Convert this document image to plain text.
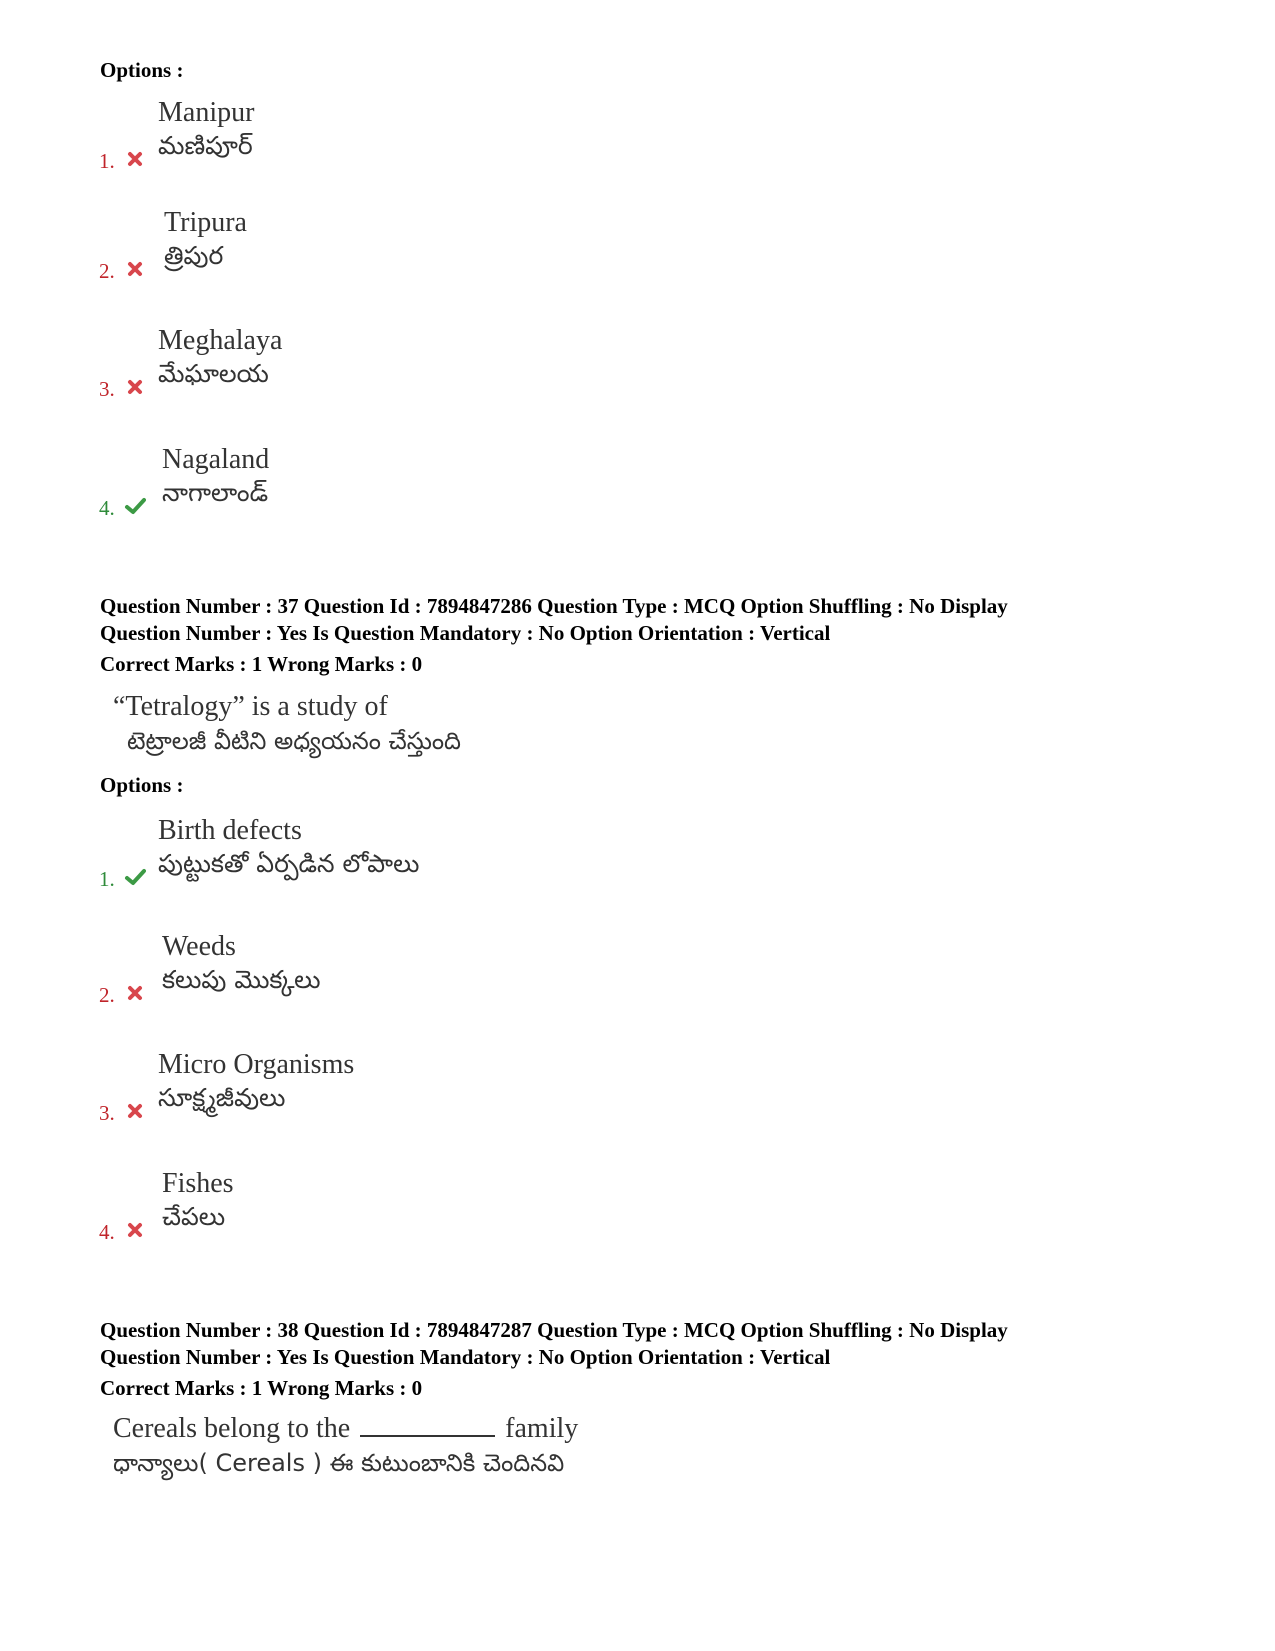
Options :
Manipur
మణిపూర్
1.
Tripura
త్రిపుర
2.
Meghalaya
మేఘాలయ
3.
Nagaland
నాగాలాండ్
4.
Question Number : 37 Question Id : 7894847286 Question Type : MCQ Option Shuffling : No Display
Question Number : Yes Is Question Mandatory : No Option Orientation : Vertical
Correct Marks : 1 Wrong Marks : 0
“Tetralogy” is a study of
టెట్రాలజీ వీటిని అధ్యయనం చేస్తుంది
Options :
Birth defects
పుట్టుకతో ఏర్పడిన లోపాలు
1.
Weeds
కలుపు మొక్కలు
2.
Micro Organisms
సూక్ష్మజీవులు
3.
Fishes
చేపలు
4.
Question Number : 38 Question Id : 7894847287 Question Type : MCQ Option Shuffling : No Display
Question Number : Yes Is Question Mandatory : No Option Orientation : Vertical
Correct Marks : 1 Wrong Marks : 0
Cereals belong to the	family
ధాన్యాలు( Cereals ) ఈ కుటుంబానికి చెందినవి
